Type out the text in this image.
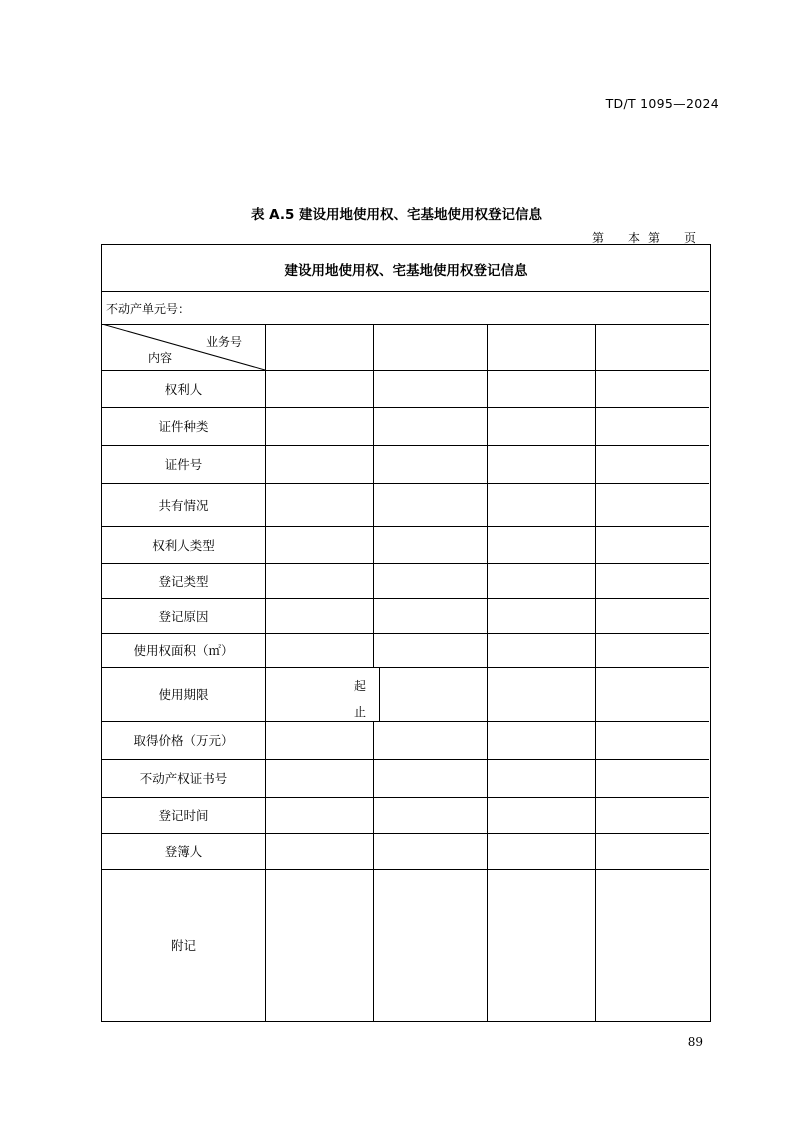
TD/T 1095—2024
表 A.5 建设用地使用权、宅基地使用权登记信息
第 本 第 页
建设用地使用权、宅基地使用权登记信息
不动产单元号：
业务号
内容
权利人
证件种类
证件号
共有情况
权利人类型
登记类型
登记原因
使用权面积（㎡）
使用期限
起
止
取得价格（万元）
不动产权证书号
登记时间
登簿人
附记
89
